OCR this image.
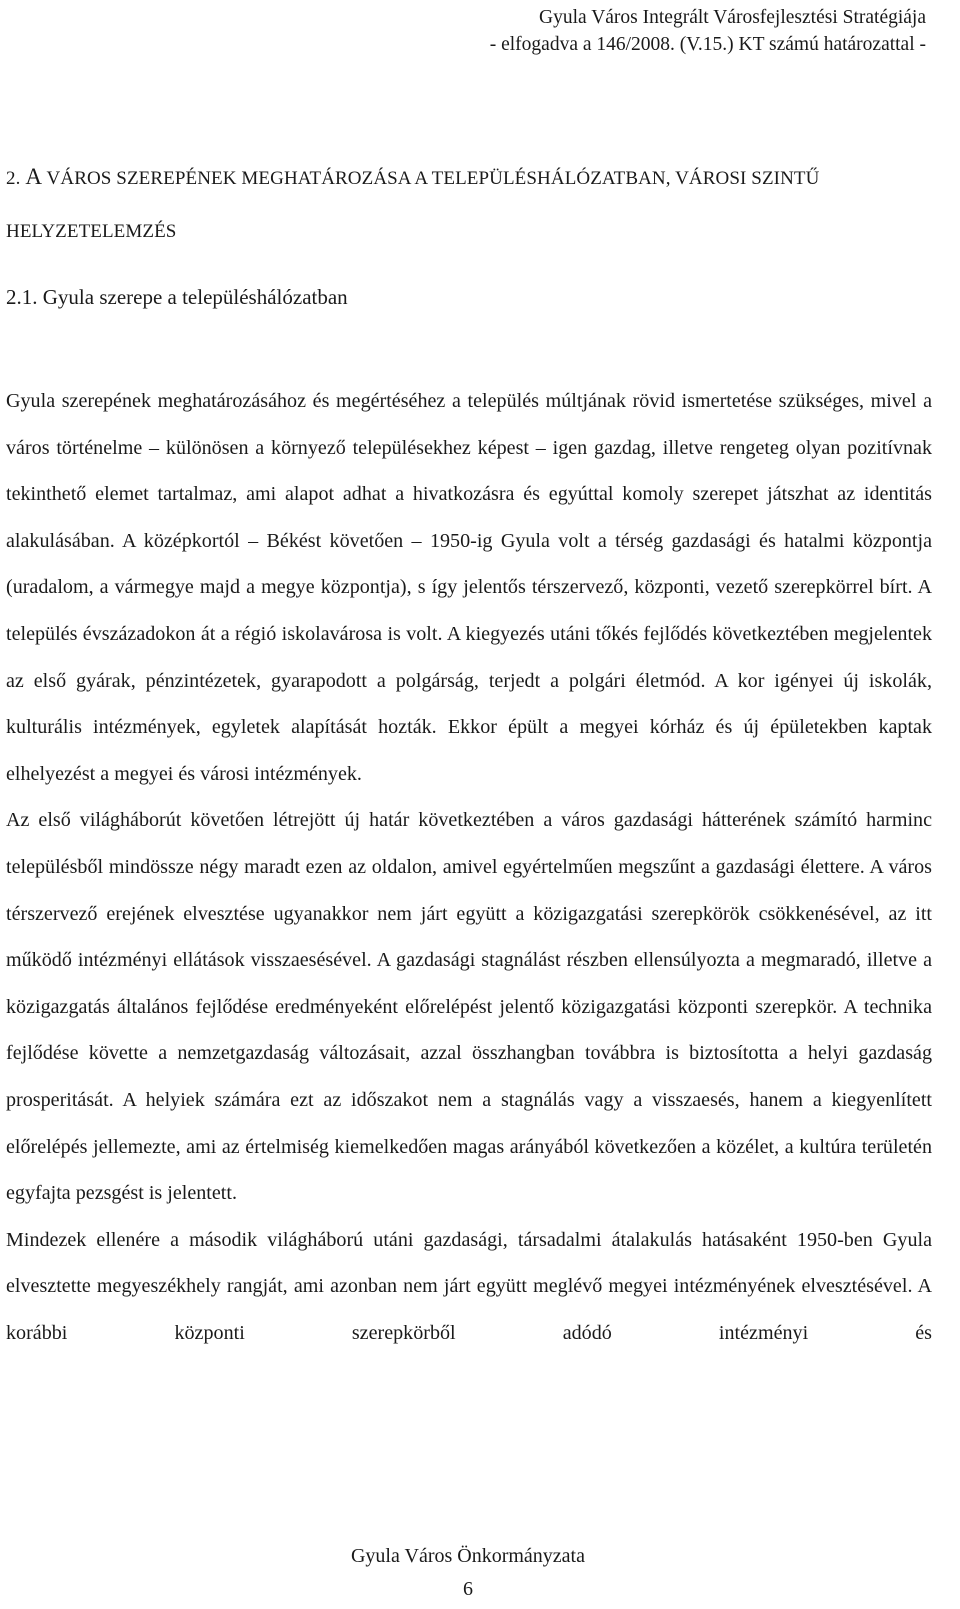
Gyula Város Integrált Városfejlesztési Stratégiája
- elfogadva a 146/2008. (V.15.) KT számú határozattal -
2. A VÁROS SZEREPÉNEK MEGHATÁROZÁSA A TELEPÜLÉSHÁLÓZATBAN, VÁROSI SZINTŰ HELYZETELEMZÉS
2.1. Gyula szerepe a településhálózatban

Gyula szerepének meghatározásához és megértéséhez a település múltjának rövid ismertetése szükséges, mivel a város történelme – különösen a környező településekhez képest – igen gazdag, illetve rengeteg olyan pozitívnak tekinthető elemet tartalmaz, ami alapot adhat a hivatkozásra és egyúttal komoly szerepet játszhat az identitás alakulásában. A középkortól – Békést követően – 1950-ig Gyula volt a térség gazdasági és hatalmi központja (uradalom, a vármegye majd a megye központja), s így jelentős térszervező, központi, vezető szerepkörrel bírt. A település évszázadokon át a régió iskolavárosa is volt. A kiegyezés utáni tőkés fejlődés következtében megjelentek az első gyárak, pénzintézetek, gyarapodott a polgárság, terjedt a polgári életmód. A kor igényei új iskolák, kulturális intézmények, egyletek alapítását hozták. Ekkor épült a megyei kórház és új épületekben kaptak elhelyezést a megyei és városi intézmények.

Az első világháborút követően létrejött új határ következtében a város gazdasági hátterének számító harminc településből mindössze négy maradt ezen az oldalon, amivel egyértelműen megszűnt a gazdasági élettere. A város térszervező erejének elvesztése ugyanakkor nem járt együtt a közigazgatási szerepkörök csökkenésével, az itt működő intézményi ellátások visszaesésével. A gazdasági stagnálást részben ellensúlyozta a megmaradó, illetve a közigazgatás általános fejlődése eredményeként előrelépést jelentő közigazgatási központi szerepkör. A technika fejlődése követte a nemzetgazdaság változásait, azzal összhangban továbbra is biztosította a helyi gazdaság prosperitását. A helyiek számára ezt az időszakot nem a stagnálás vagy a visszaesés, hanem a kiegyenlített előrelépés jellemezte, ami az értelmiség kiemelkedően magas arányából következően a közélet, a kultúra területén egyfajta pezsgést is jelentett.

Mindezek ellenére a második világháború utáni gazdasági, társadalmi átalakulás hatásaként 1950-ben Gyula elvesztette megyeszékhely rangját, ami azonban nem járt együtt meglévő megyei intézményének elvesztésével. A korábbi központi szerepkörből adódó intézményi és

Gyula Város Önkormányzata
6
